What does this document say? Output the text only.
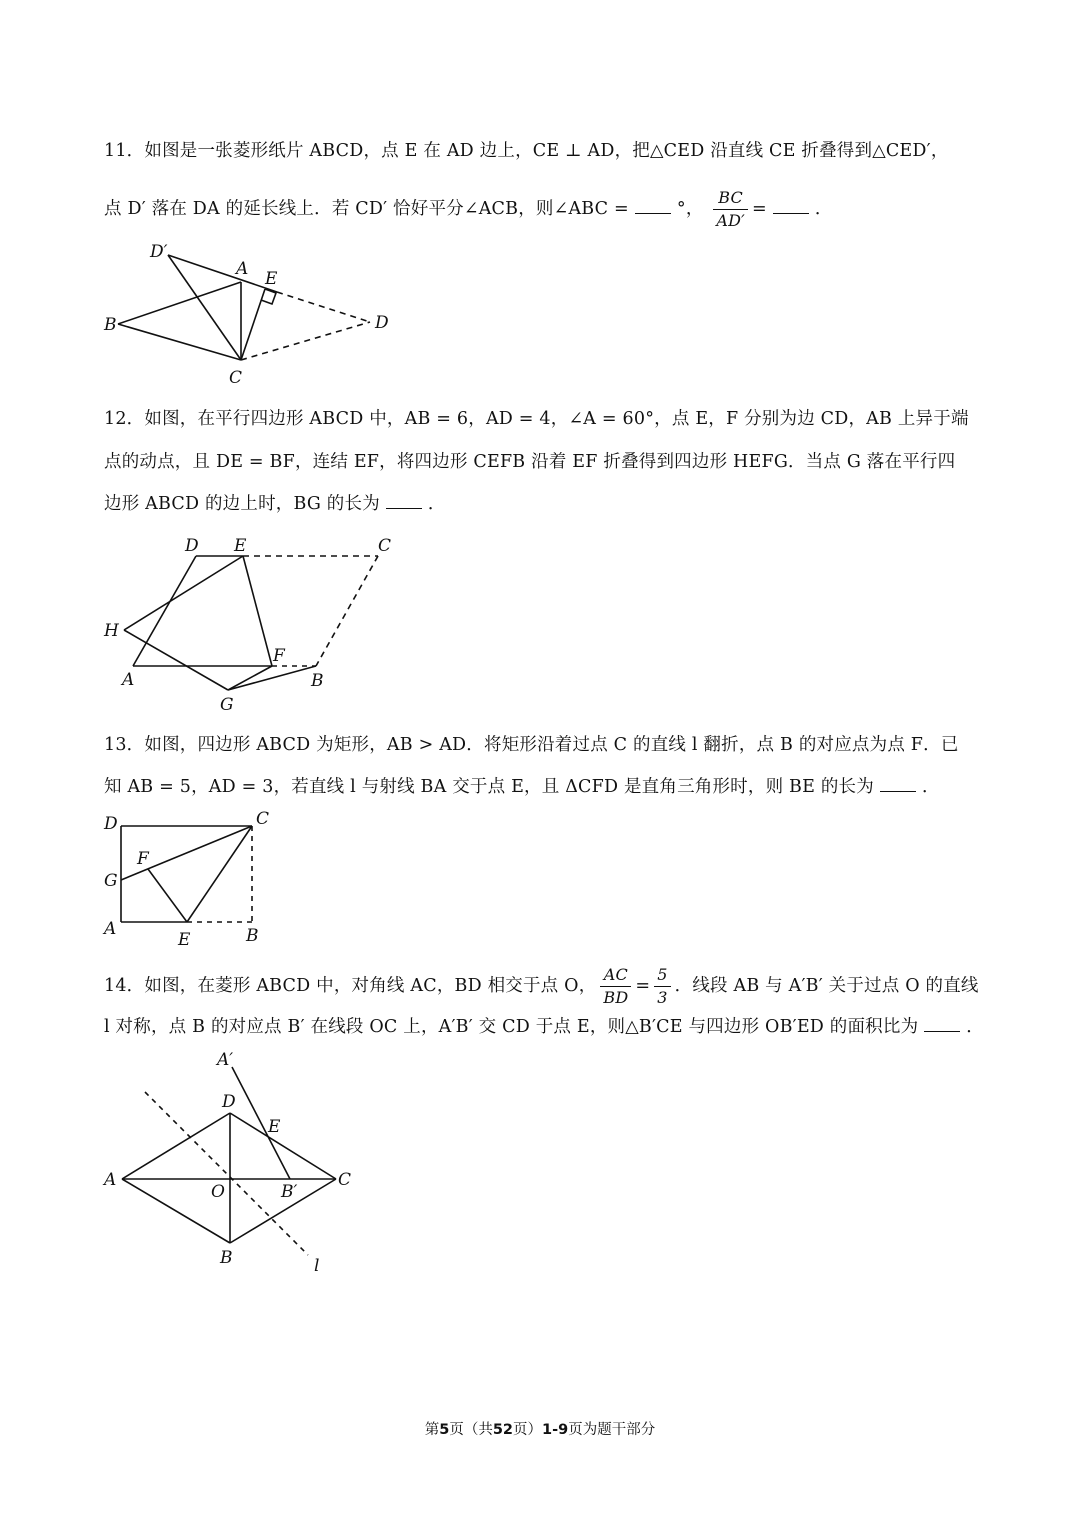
11．如图是一张菱形纸片 ABCD，点 E 在 AD 边上，CE ⊥ AD，把△CED 沿直线 CE 折叠得到△CED′，
点 D′ 落在 DA 的延长线上．若 CD′ 恰好平分∠ACB，则∠ABC =	°， $\frac{BC}{AD'}$ =	．
D′
A E
B	D
C
12．如图，在平行四边形 ABCD 中，AB = 6，AD = 4，∠A = 60°，点 E，F 分别为边 CD，AB 上异于端
点的动点，且 DE = BF，连结 EF，将四边形 CEFB 沿着 EF 折叠得到四边形 HEFG．当点 G 落在平行四
边形 ABCD 的边上时，BG 的长为	．
D E	C
H
F
A	B
G
13．如图，四边形 ABCD 为矩形，AB > AD．将矩形沿着过点 C 的直线 l 翻折，点 B 的对应点为点 F．已
知 AB = 5，AD = 3，若直线 l 与射线 BA 交于点 E，且 ΔCFD 是直角三角形时，则 BE 的长为	．
D	C
F
G
A
E	B
14．如图，在菱形 ABCD 中，对角线 AC，BD 相交于点 O， $\frac{AC}{BD} = \frac{5}{3}$ ．线段 AB 与 A′B′ 关于过点 O 的直线
l 对称，点 B 的对应点 B′ 在线段 OC 上，A′B′ 交 CD 于点 E，则△B′CE 与四边形 OB′ED 的面积比为	．
A′
D
E
A
O	B′
C
B	l
第5页（共52页）1-9页为题干部分
